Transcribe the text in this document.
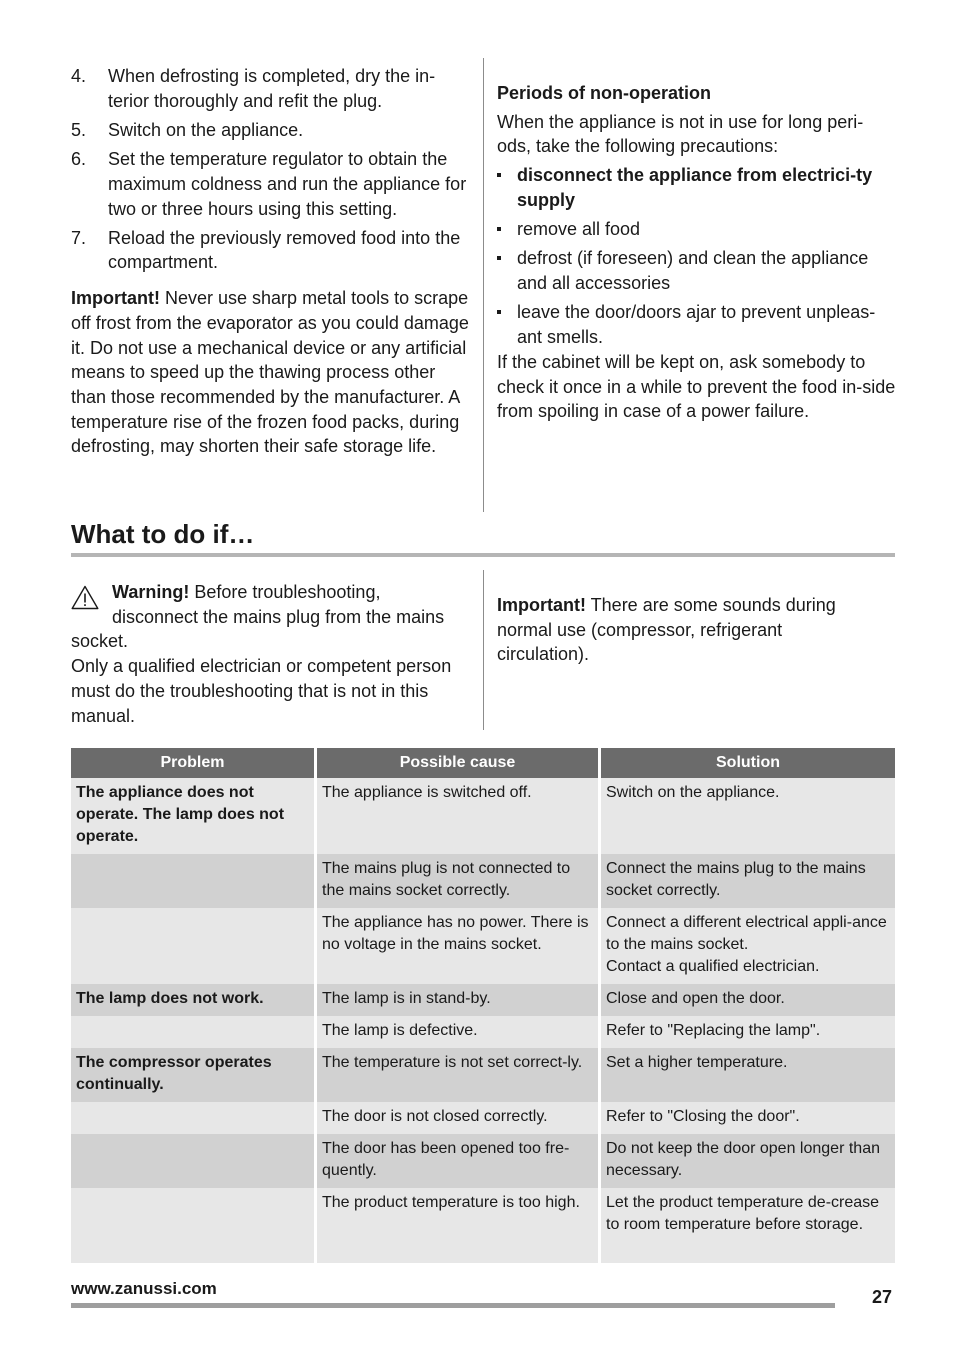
4. When defrosting is completed, dry the in-terior thoroughly and refit the plug.
5. Switch on the appliance.
6. Set the temperature regulator to obtain the maximum coldness and run the appliance for two or three hours using this setting.
7. Reload the previously removed food into the compartment.

Important! Never use sharp metal tools to scrape off frost from the evaporator as you could damage it. Do not use a mechanical device or any artificial means to speed up the thawing process other than those recommended by the manufacturer. A temperature rise of the frozen food packs, during defrosting, may shorten their safe storage life.

Periods of non-operation

When the appliance is not in use for long peri-ods, take the following precautions:

disconnect the appliance from electrici-ty supply
remove all food
defrost (if foreseen) and clean the appliance and all accessories
leave the door/doors ajar to prevent unpleas-ant smells.

If the cabinet will be kept on, ask somebody to check it once in a while to prevent the food in-side from spoiling in case of a power failure.

What to do if…

Warning! Before troubleshooting,

disconnect the mains plug from the mains socket.

Only a qualified electrician or competent person must do the troubleshooting that is not in this manual.

Important! There are some sounds during normal use (compressor, refrigerant circulation).

Problem	Possible cause	Solution
The appliance does not operate. The lamp does not operate.	The appliance is switched off.	Switch on the appliance.
	The mains plug is not connected to the mains socket correctly.	Connect the mains plug to the mains socket correctly.
	The appliance has no power. There is no voltage in the mains socket.	Connect a different electrical appli-ance to the mains socket.
Contact a qualified electrician.
The lamp does not work.	The lamp is in stand-by.	Close and open the door.
	The lamp is defective.	Refer to "Replacing the lamp".
The compressor operates continually.	The temperature is not set correct-ly.	Set a higher temperature.
	The door is not closed correctly.	Refer to "Closing the door".
	The door has been opened too fre-quently.	Do not keep the door open longer than necessary.
	The product temperature is too high.	Let the product temperature de-crease to room temperature before storage.
www.zanussi.com	27
